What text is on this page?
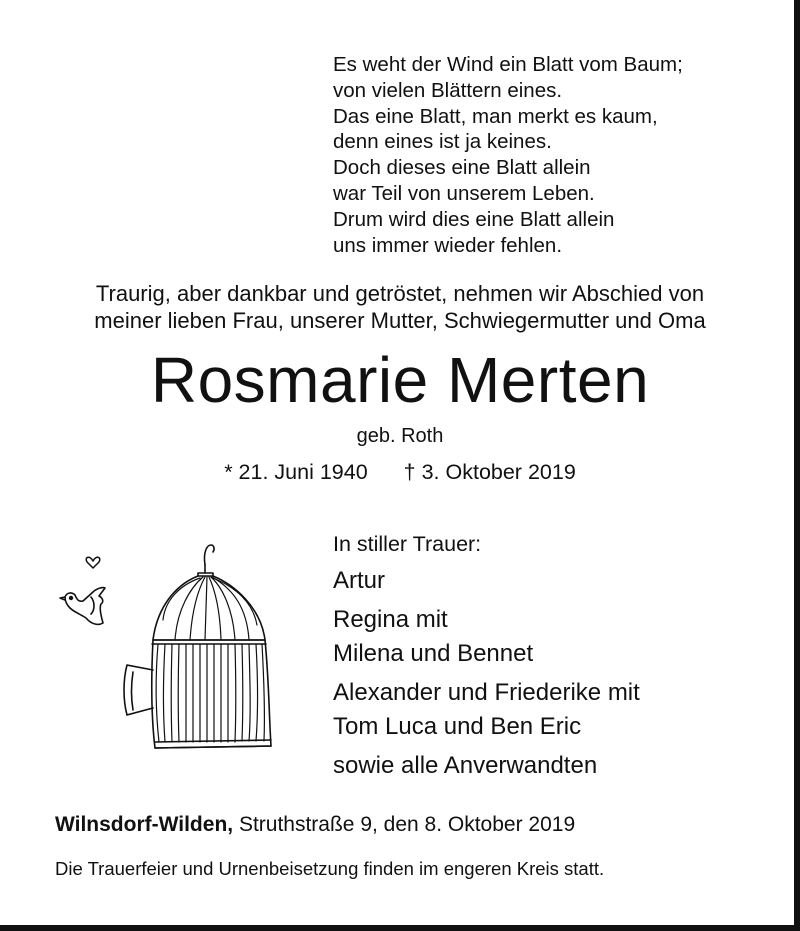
Es weht der Wind ein Blatt vom Baum;
von vielen Blättern eines.
Das eine Blatt, man merkt es kaum,
denn eines ist ja keines.
Doch dieses eine Blatt allein
war Teil von unserem Leben.
Drum wird dies eine Blatt allein
uns immer wieder fehlen.
Traurig, aber dankbar und getröstet, nehmen wir Abschied von
meiner lieben Frau, unserer Mutter, Schwiegermutter und Oma
Rosmarie Merten
geb. Roth
* 21. Juni 1940 † 3. Oktober 2019
In stiller Trauer:
Artur
Regina mit
Milena und Bennet
Alexander und Friederike mit
Tom Luca und Ben Eric
sowie alle Anverwandten
Wilnsdorf-Wilden, Struthstraße 9, den 8. Oktober 2019
Die Trauerfeier und Urnenbeisetzung finden im engeren Kreis statt.
